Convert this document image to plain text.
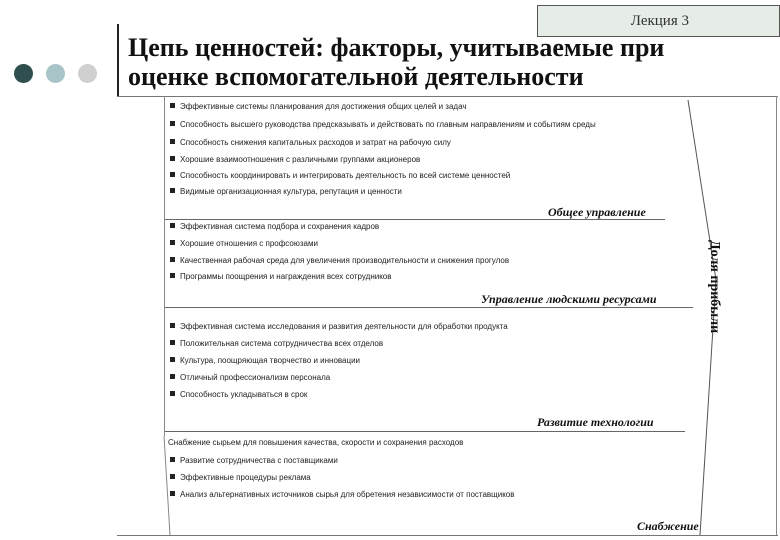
Лекция 3
Цепь ценностей: факторы, учитываемые при
оценке вспомогательной деятельности
Эффективные системы планирования для достижения общих целей и задач
Способность высшего руководства предсказывать и действовать по главным направлениям и событиям среды
Способность снижения капитальных расходов и затрат на рабочую силу
Хорошие взаимоотношения с различными группами акционеров
Способность координировать и интегрировать деятельность по всей системе ценностей
Видимые организационная культура, репутация и ценности
Общее управление
Эффективная система подбора и сохранения кадров
Хорошие отношения с профсоюзами
Качественная рабочая среда для увеличения производительности и снижения прогулов
Программы поощрения и награждения всех сотрудников
Управление людскими ресурсами
Эффективная система исследования и развития деятельности для обработки продукта
Положительная система сотрудничества всех отделов
Культура, поощряющая творчество и инновации
Отличный профессионализм персонала
Способность укладываться в срок
Развитие технологии
Снабжение сырьем для повышения качества, скорости и сохранения расходов
Развитие сотрудничества с поставщиками
Эффективные процедуры реклама
Анализ альтернативных источников сырья для обретения независимости от поставщиков
Снабжение
Доля прибыли
